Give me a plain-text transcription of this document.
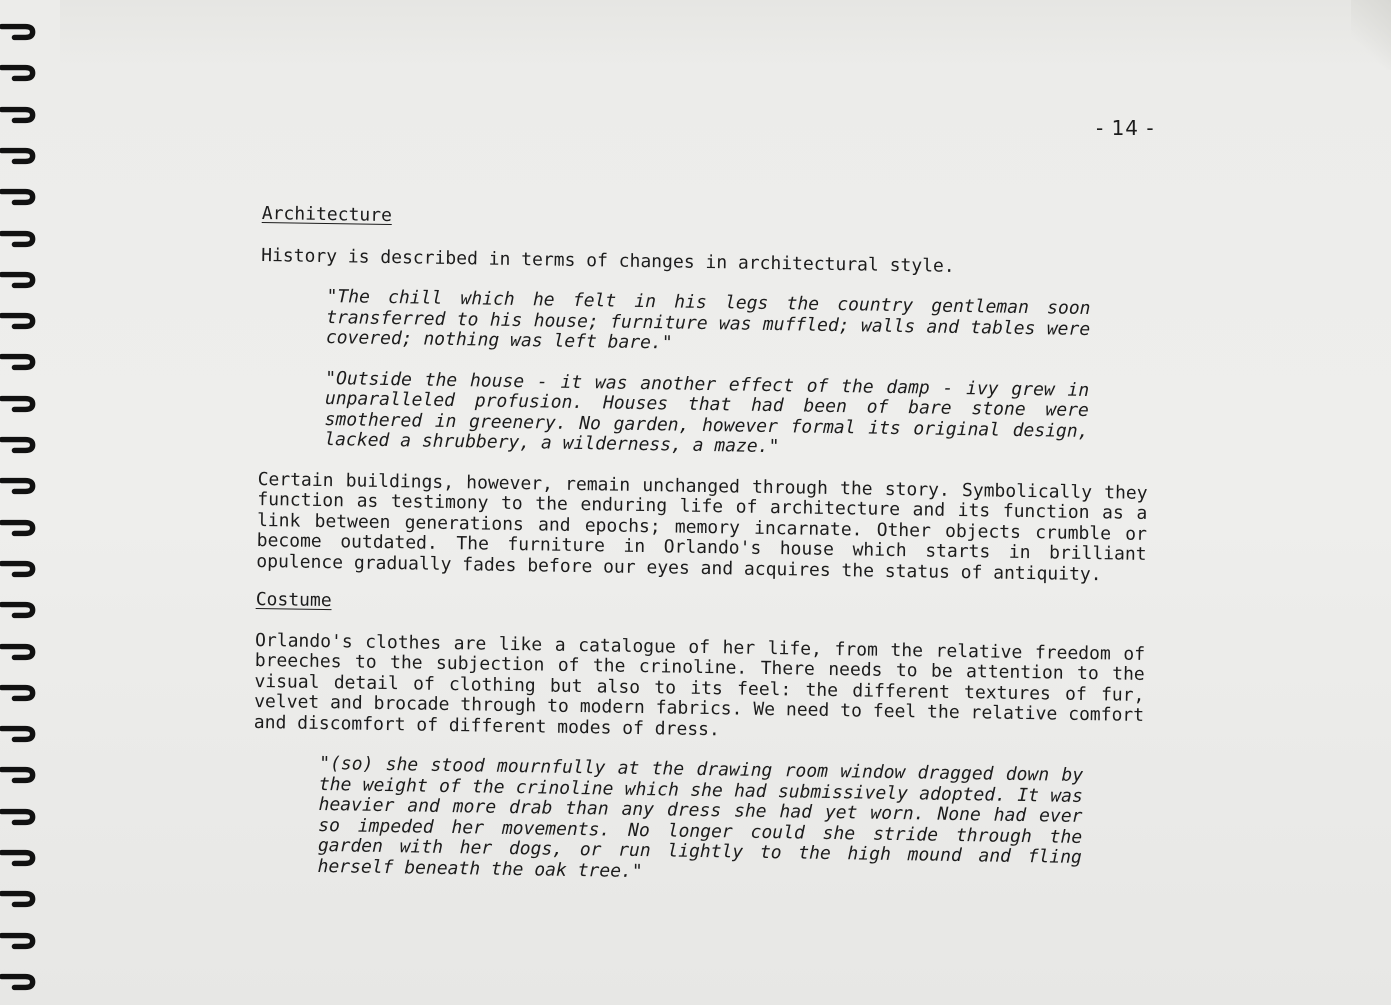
- 14 -

Architecture

History is described in terms of changes in architectural style.

"The chill which he felt in his legs the country gentleman soon transferred to his house; furniture was muffled; walls and tables were covered; nothing was left bare."

"Outside the house - it was another effect of the damp - ivy grew in unparalleled profusion. Houses that had been of bare stone were smothered in greenery. No garden, however formal its original design, lacked a shrubbery, a wilderness, a maze."

Certain buildings, however, remain unchanged through the story. Symbolically they function as testimony to the enduring life of architecture and its function as a link between generations and epochs; memory incarnate. Other objects crumble or become outdated. The furniture in Orlando's house which starts in brilliant opulence gradually fades before our eyes and acquires the status of antiquity.

Costume

Orlando's clothes are like a catalogue of her life, from the relative freedom of breeches to the subjection of the crinoline. There needs to be attention to the visual detail of clothing but also to its feel: the different textures of fur, velvet and brocade through to modern fabrics. We need to feel the relative comfort and discomfort of different modes of dress.

"(so) she stood mournfully at the drawing room window dragged down by the weight of the crinoline which she had submissively adopted. It was heavier and more drab than any dress she had yet worn. None had ever so impeded her movements. No longer could she stride through the garden with her dogs, or run lightly to the high mound and fling herself beneath the oak tree."
